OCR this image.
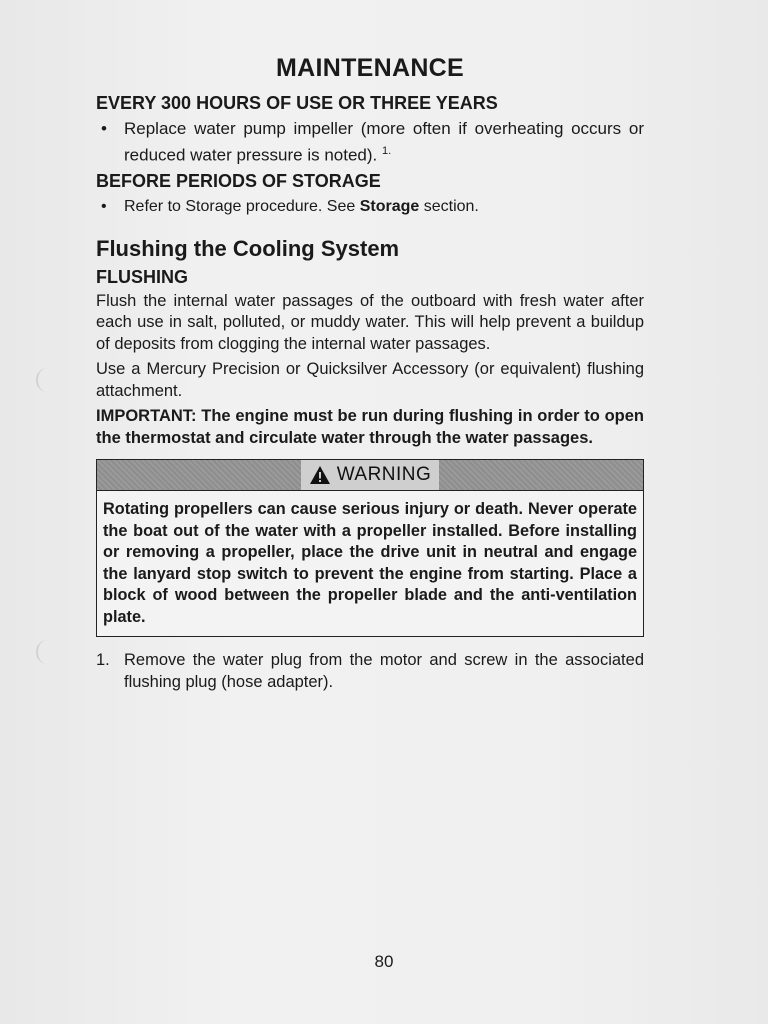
MAINTENANCE
EVERY 300 HOURS OF USE OR THREE YEARS
•	Replace water pump impeller (more often if overheating occurs or reduced water pressure is noted). $^{1.}$
BEFORE PERIODS OF STORAGE
•	Refer to Storage procedure. See Storage section.
Flushing the Cooling System
FLUSHING

Flush the internal water passages of the outboard with fresh water after each use in salt, polluted, or muddy water. This will help prevent a buildup of deposits from clogging the internal water passages.

Use a Mercury Precision or Quicksilver Accessory (or equivalent) flushing attachment.

IMPORTANT: The engine must be run during flushing in order to open the thermostat and circulate water through the water passages.

WARNING
Rotating propellers can cause serious injury or death. Never operate the boat out of the water with a propeller installed. Before installing or removing a propeller, place the drive unit in neutral and engage the lanyard stop switch to prevent the engine from starting. Place a block of wood between the propeller blade and the anti-ventilation plate.
1. Remove the water plug from the motor and screw in the associated flushing plug (hose adapter).
80
